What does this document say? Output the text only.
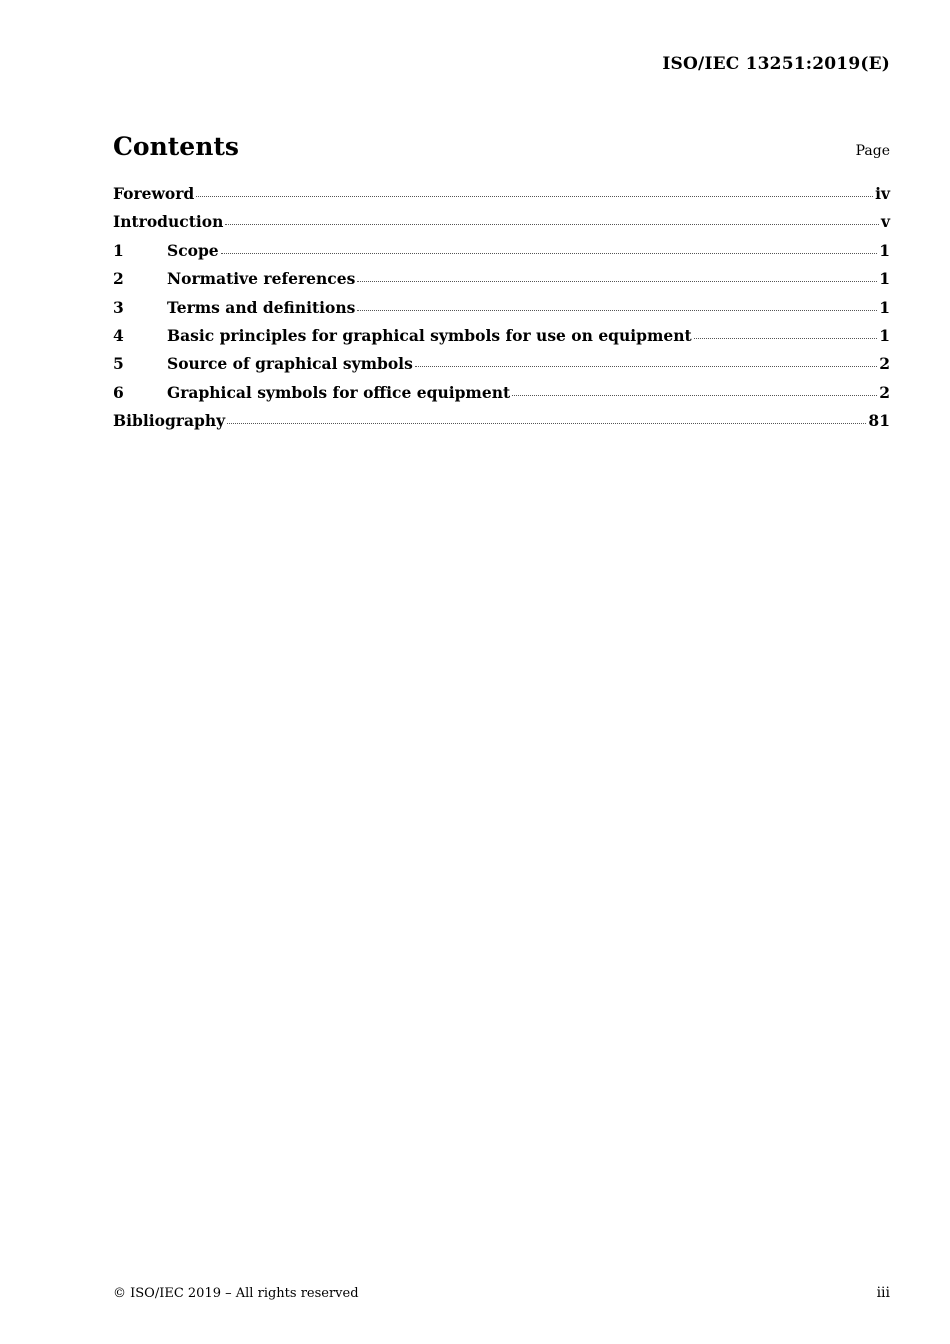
ISO/IEC 13251:2019(E)
Contents	Page
Foreword	iv
Introduction	v
1	Scope	1
2	Normative references	1
3	Terms and definitions	1
4	Basic principles for graphical symbols for use on equipment	1
5	Source of graphical symbols	2
6	Graphical symbols for office equipment	2
Bibliography	81
© ISO/IEC 2019 – All rights reserved	iii
